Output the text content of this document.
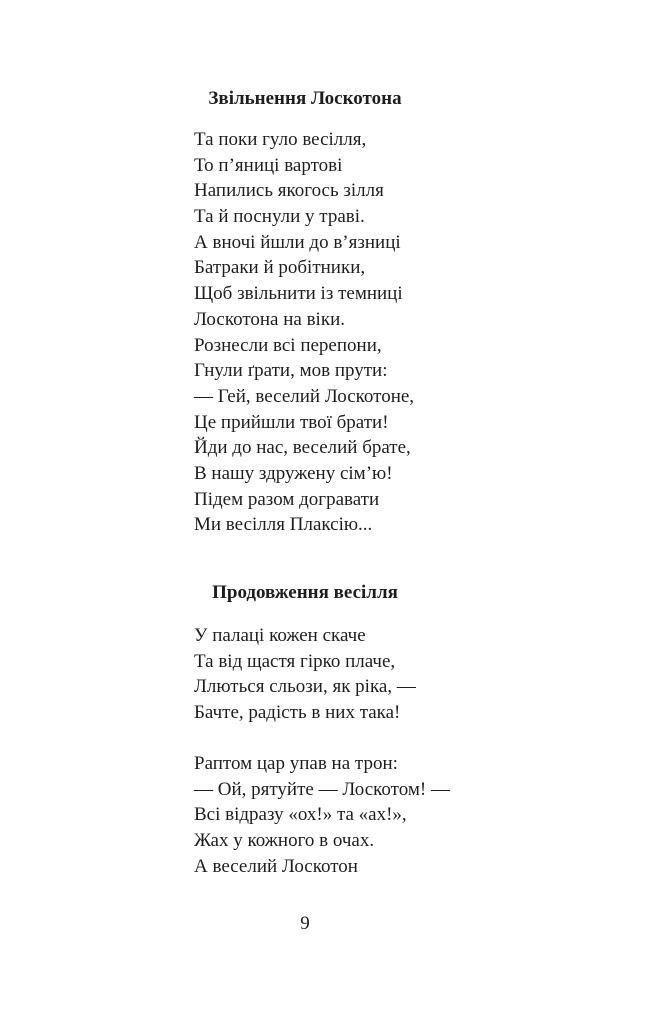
Звільнення Лоскотона
Та поки гуло весілля,
То п’яниці вартові
Напились якогось зілля
Та й поснули у траві.
А вночі йшли до в’язниці
Батраки й робітники,
Щоб звільнити із темниці
Лоскотона на віки.
Рознесли всі перепони,
Гнули ґрати, мов прути:
— Гей, веселий Лоскотоне,
Це прийшли твої брати!
Йди до нас, веселий брате,
В нашу здружену сім’ю!
Підем разом догравати
Ми весілля Плаксію...
Продовження весілля
У палаці кожен скаче
Та від щастя гірко плаче,
Ллються сльози, як ріка, —
Бачте, радість в них така!
Раптом цар упав на трон:
— Ой, рятуйте — Лоскотом! —
Всі відразу «ох!» та «ах!»,
Жах у кожного в очах.
А веселий Лоскотон
9
